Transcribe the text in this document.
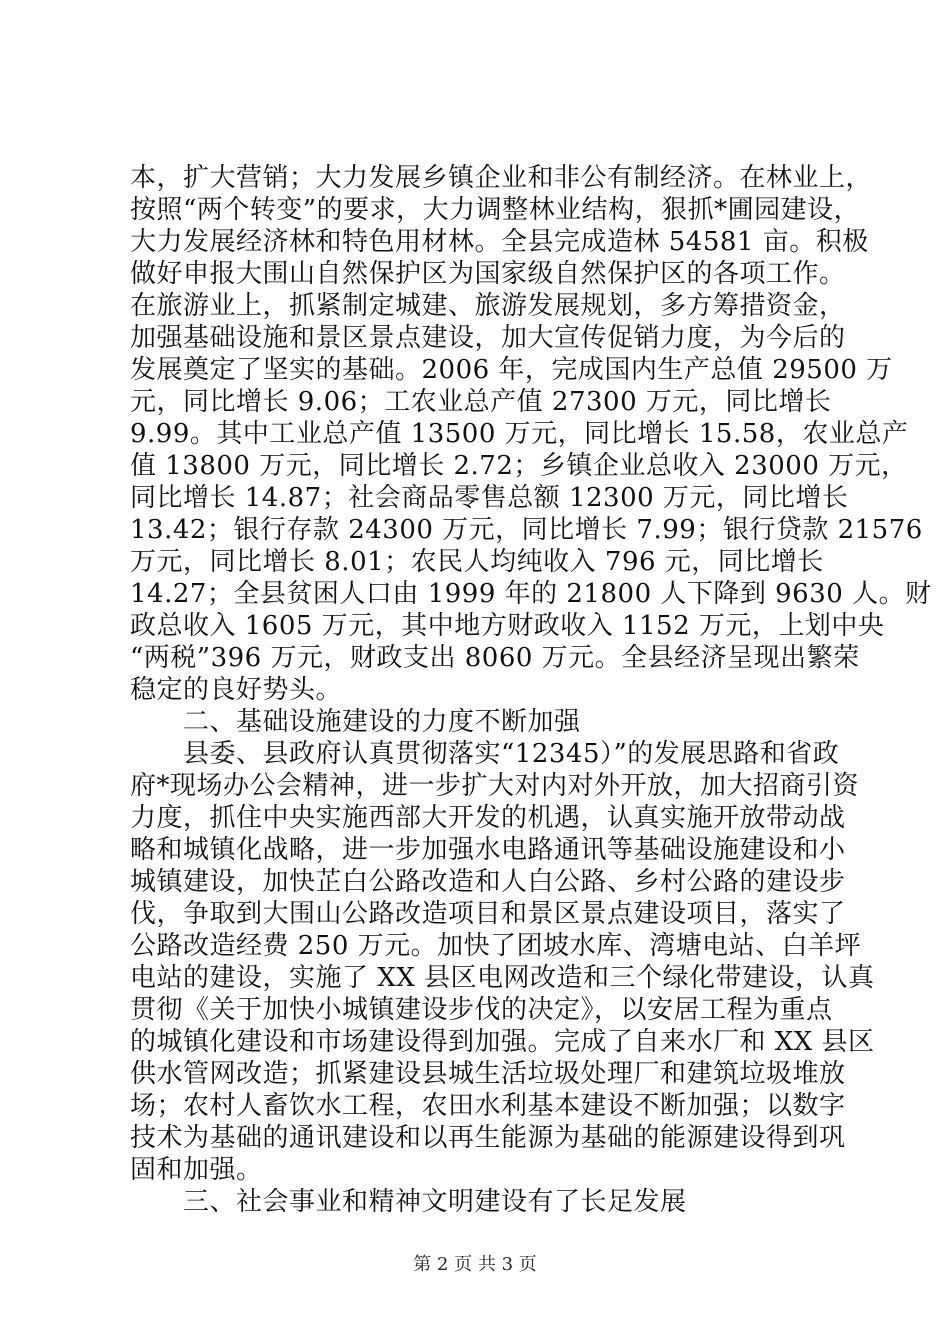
本，扩大营销；大力发展乡镇企业和非公有制经济。在林业上，
按照“两个转变”的要求，大力调整林业结构，狠抓*圃园建设，
大力发展经济林和特色用材林。全县完成造林 54581 亩。积极
做好申报大围山自然保护区为国家级自然保护区的各项工作。
在旅游业上，抓紧制定城建、旅游发展规划，多方筹措资金，
加强基础设施和景区景点建设，加大宣传促销力度，为今后的
发展奠定了坚实的基础。2006 年，完成国内生产总值 29500 万
元，同比增长 9.06；工农业总产值 27300 万元，同比增长
9.99。其中工业总产值 13500 万元，同比增长 15.58，农业总产
值 13800 万元，同比增长 2.72；乡镇企业总收入 23000 万元，
同比增长 14.87；社会商品零售总额 12300 万元，同比增长
13.42；银行存款 24300 万元，同比增长 7.99；银行贷款 21576
万元，同比增长 8.01；农民人均纯收入 796 元，同比增长
14.27；全县贫困人口由 1999 年的 21800 人下降到 9630 人。财
政总收入 1605 万元，其中地方财政收入 1152 万元，上划中央
“两税”396 万元，财政支出 8060 万元。全县经济呈现出繁荣
稳定的良好势头。
　　二、基础设施建设的力度不断加强
　　县委、县政府认真贯彻落实“12345）”的发展思路和省政
府*现场办公会精神，进一步扩大对内对外开放，加大招商引资
力度，抓住中央实施西部大开发的机遇，认真实施开放带动战
略和城镇化战略，进一步加强水电路通讯等基础设施建设和小
城镇建设，加快芷白公路改造和人白公路、乡村公路的建设步
伐，争取到大围山公路改造项目和景区景点建设项目，落实了
公路改造经费 250 万元。加快了团坡水库、湾塘电站、白羊坪
电站的建设，实施了 XX 县区电网改造和三个绿化带建设，认真
贯彻《关于加快小城镇建设步伐的决定》，以安居工程为重点
的城镇化建设和市场建设得到加强。完成了自来水厂和 XX 县区
供水管网改造；抓紧建设县城生活垃圾处理厂和建筑垃圾堆放
场；农村人畜饮水工程，农田水利基本建设不断加强；以数字
技术为基础的通讯建设和以再生能源为基础的能源建设得到巩
固和加强。
　　三、社会事业和精神文明建设有了长足发展
第 2 页 共 3 页
